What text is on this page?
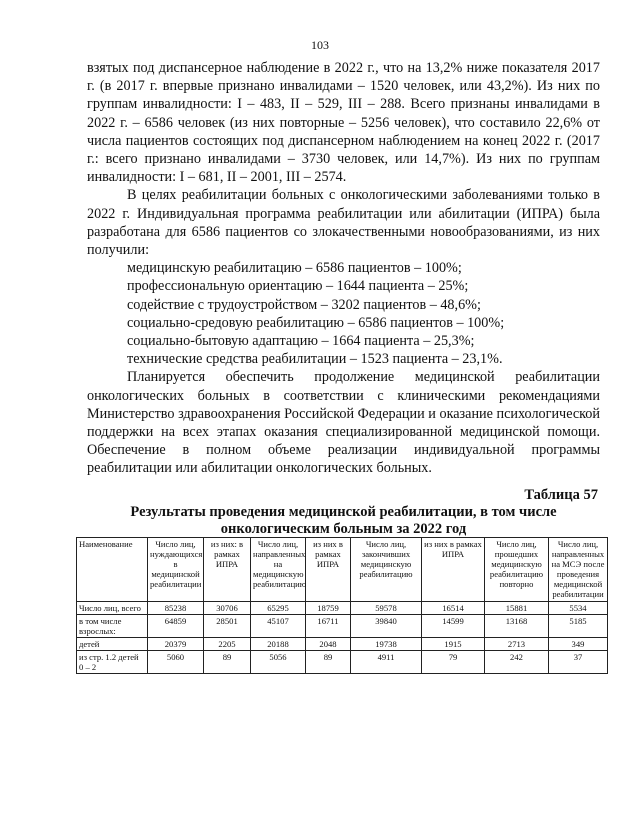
103

взятых под диспансерное наблюдение в 2022 г., что на 13,2% ниже показателя 2017 г. (в 2017 г. впервые признано инвалидами – 1520 человек, или 43,2%). Из них по группам инвалидности: I – 483, II – 529, III – 288. Всего признаны инвалидами в 2022 г. – 6586 человек (из них повторные – 5256 человек), что составило 22,6% от числа пациентов состоящих под диспансерном наблюдением на конец 2022 г. (2017 г.: всего признано инвалидами – 3730 человек, или 14,7%). Из них по группам инвалидности: I – 681, II – 2001, III – 2574.

В целях реабилитации больных с онкологическими заболеваниями только в 2022 г. Индивидуальная программа реабилитации или абилитации (ИПРА) была разработана для 6586 пациентов со злокачественными новообразованиями, из них получили:

медицинскую реабилитацию – 6586 пациентов – 100%;
профессиональную ориентацию – 1644 пациента – 25%;
содействие с трудоустройством – 3202 пациентов – 48,6%;
социально-средовую реабилитацию – 6586 пациентов – 100%;
социально-бытовую адаптацию – 1664 пациента – 25,3%;
технические средства реабилитации – 1523 пациента – 23,1%.

Планируется обеспечить продолжение медицинской реабилитации онкологических больных в соответствии с клиническими рекомендациями Министерство здравоохранения Российской Федерации и оказание психологической поддержки на всех этапах оказания специализированной медицинской помощи. Обеспечение в полном объеме реализации индивидуальной программы реабилитации или абилитации онкологических больных.

Таблица 57
Результаты проведения медицинской реабилитации, в том числе онкологическим больным за 2022 год
Наименование	Число лиц, нуждающихся в медицинской реабилитации	из них: в рамках ИПРА	Число лиц, направленных на медицинскую реабилитацию	из них в рамках ИПРА	Число лиц, закончивших медицинскую реабилитацию	из них в рамках ИПРА	Число лиц, прошедших медицинскую реабилитацию повторно	Число лиц, направленных на МСЭ после проведения медицинской реабилитации
Число лиц, всего	85238	30706	65295	18759	59578	16514	15881	5534
в том числе взрослых:	64859	28501	45107	16711	39840	14599	13168	5185
детей	20379	2205	20188	2048	19738	1915	2713	349
из стр. 1.2 детей 0 – 2	5060	89	5056	89	4911	79	242	37
